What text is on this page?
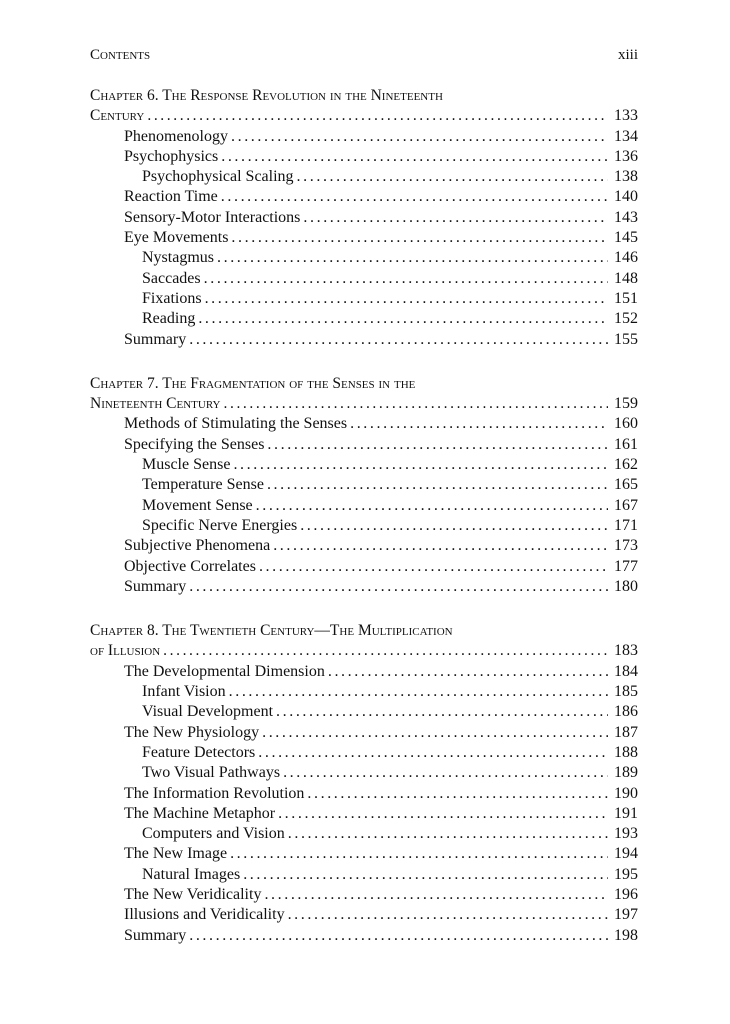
Contents	xiii
Chapter 6. The Response Revolution in the Nineteenth
Century .....	133
Phenomenology .....	134
Psychophysics .....	136
Psychophysical Scaling .....	138
Reaction Time .....	140
Sensory-Motor Interactions .....	143
Eye Movements .....	145
Nystagmus .....	146
Saccades .....	148
Fixations .....	151
Reading .....	152
Summary .....	155
Chapter 7. The Fragmentation of the Senses in the
Nineteenth Century .....	159
Methods of Stimulating the Senses .....	160
Specifying the Senses .....	161
Muscle Sense .....	162
Temperature Sense .....	165
Movement Sense .....	167
Specific Nerve Energies .....	171
Subjective Phenomena .....	173
Objective Correlates .....	177
Summary .....	180
Chapter 8. The Twentieth Century—The Multiplication
of Illusion .....	183
The Developmental Dimension .....	184
Infant Vision .....	185
Visual Development .....	186
The New Physiology .....	187
Feature Detectors .....	188
Two Visual Pathways .....	189
The Information Revolution .....	190
The Machine Metaphor .....	191
Computers and Vision .....	193
The New Image .....	194
Natural Images .....	195
The New Veridicality .....	196
Illusions and Veridicality .....	197
Summary .....	198
